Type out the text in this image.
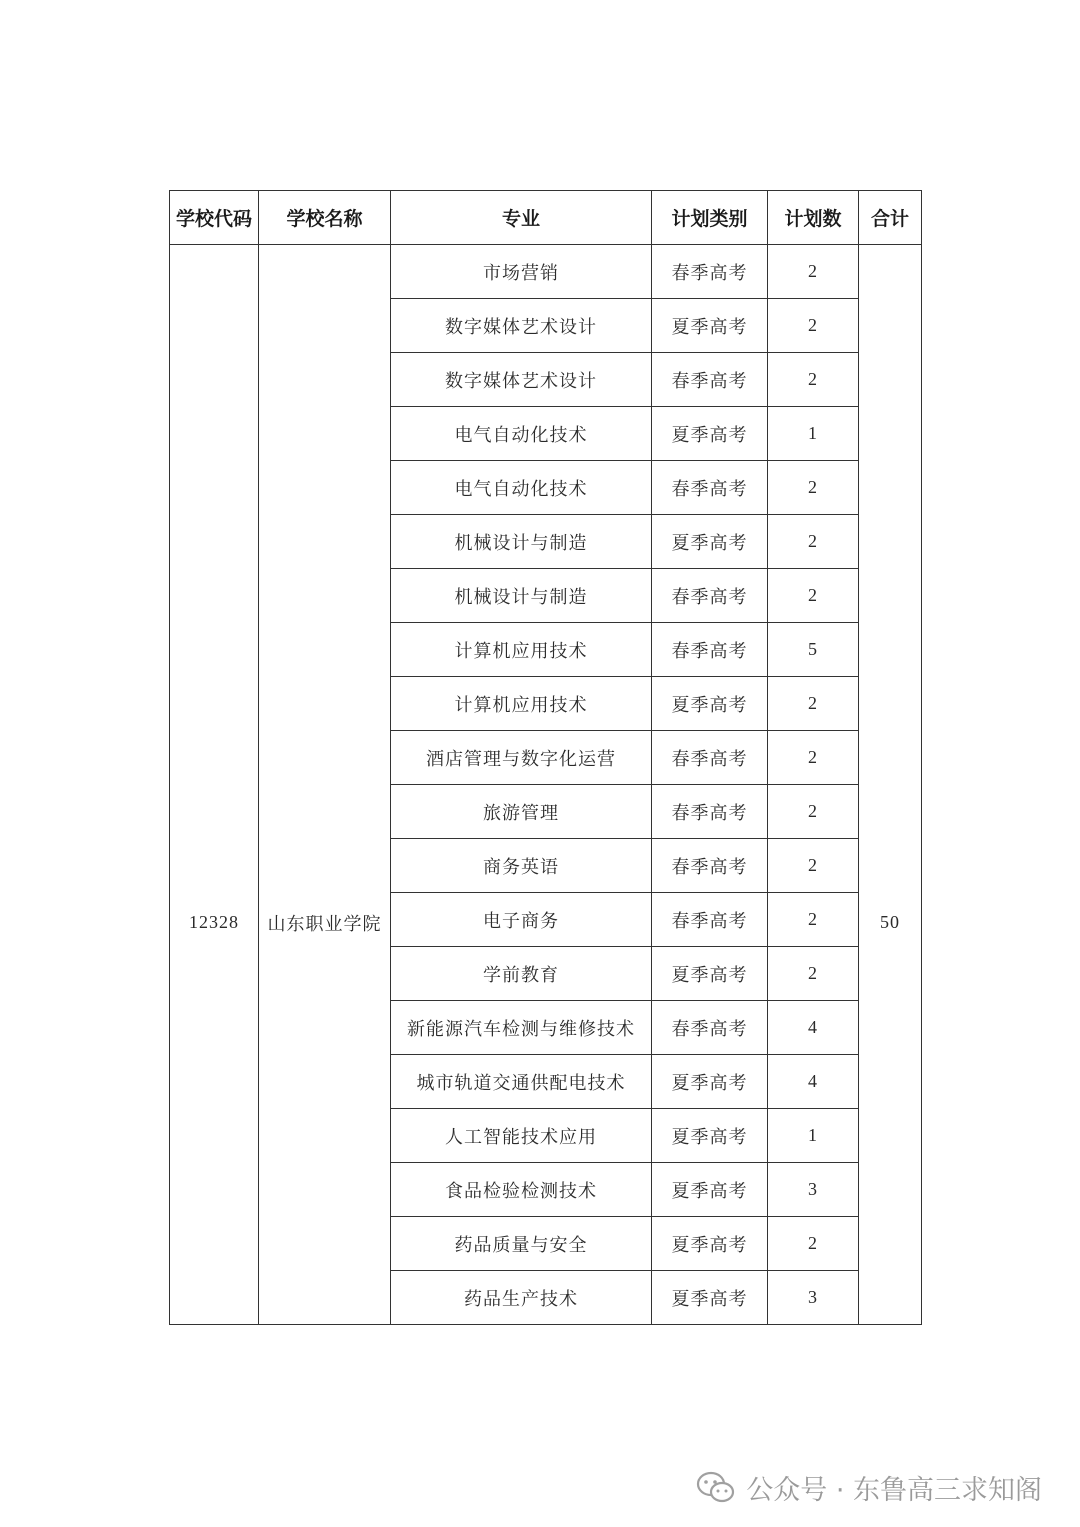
学校代码	学校名称	专业	计划类别	计划数	合计
12328	山东职业学院	市场营销	春季高考	2	50
		数字媒体艺术设计	夏季高考	2	
		数字媒体艺术设计	春季高考	2	
		电气自动化技术	夏季高考	1	
		电气自动化技术	春季高考	2	
		机械设计与制造	夏季高考	2	
		机械设计与制造	春季高考	2	
		计算机应用技术	春季高考	5	
		计算机应用技术	夏季高考	2	
		酒店管理与数字化运营	春季高考	2	
		旅游管理	春季高考	2	
		商务英语	春季高考	2	
		电子商务	春季高考	2	
		学前教育	夏季高考	2	
		新能源汽车检测与维修技术	春季高考	4	
		城市轨道交通供配电技术	夏季高考	4	
		人工智能技术应用	夏季高考	1	
		食品检验检测技术	夏季高考	3	
		药品质量与安全	夏季高考	2	
		药品生产技术	夏季高考	3	
公众号 · 东鲁高三求知阁
